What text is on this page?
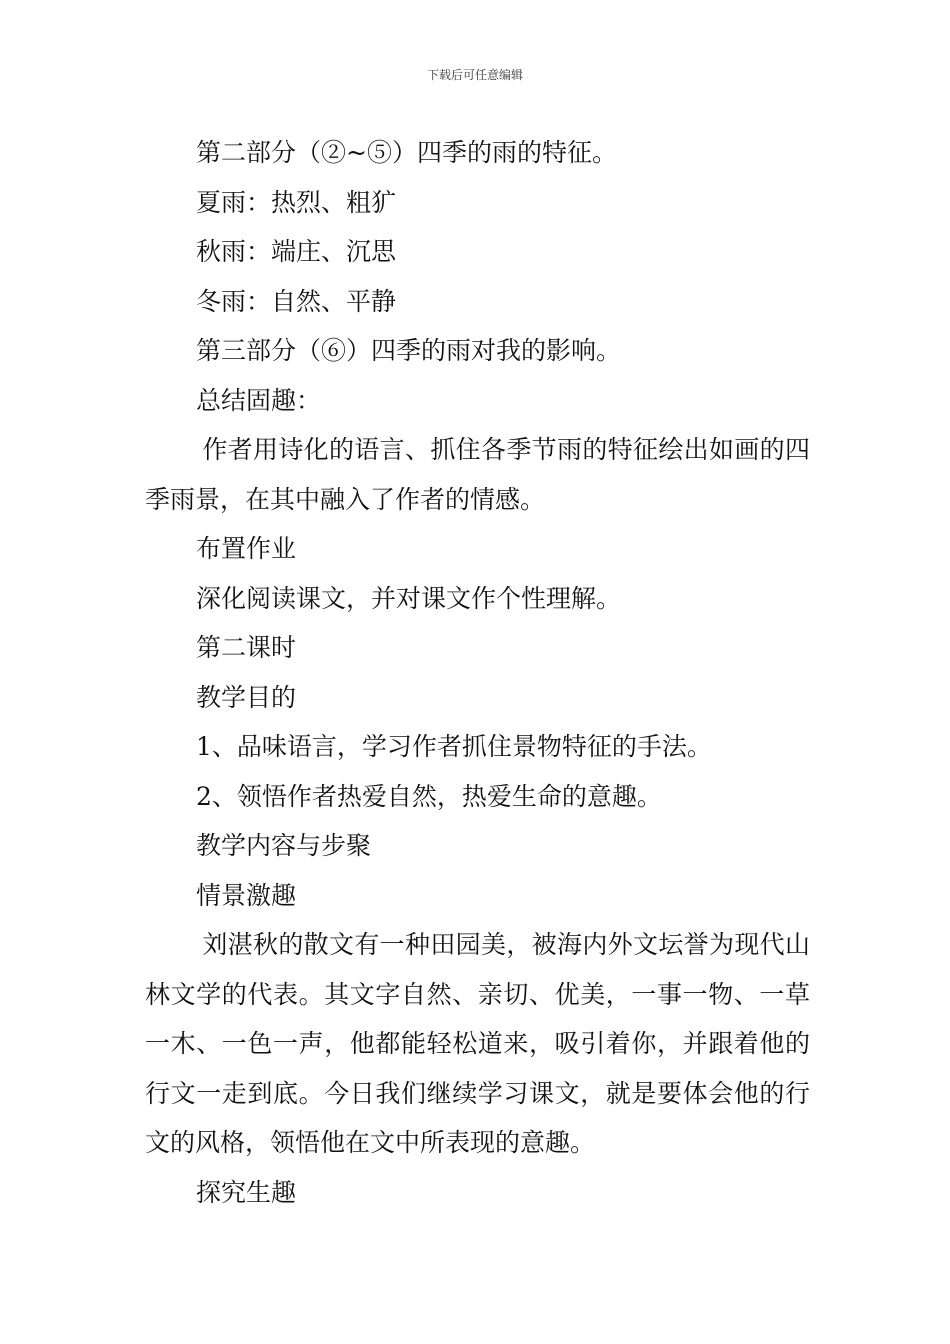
下载后可任意编辑
第二部分（②~⑤）四季的雨的特征。
夏雨：热烈、粗犷
秋雨：端庄、沉思
冬雨：自然、平静
第三部分（⑥）四季的雨对我的影响。
总结固趣：
作者用诗化的语言、抓住各季节雨的特征绘出如画的四季雨景，在其中融入了作者的情感。
布置作业
深化阅读课文，并对课文作个性理解。
第二课时
教学目的
1、品味语言，学习作者抓住景物特征的手法。
2、领悟作者热爱自然，热爱生命的意趣。
教学内容与步聚
情景激趣
刘湛秋的散文有一种田园美，被海内外文坛誉为现代山林文学的代表。其文字自然、亲切、优美，一事一物、一草一木、一色一声，他都能轻松道来，吸引着你，并跟着他的行文一走到底。今日我们继续学习课文，就是要体会他的行文的风格，领悟他在文中所表现的意趣。
探究生趣
